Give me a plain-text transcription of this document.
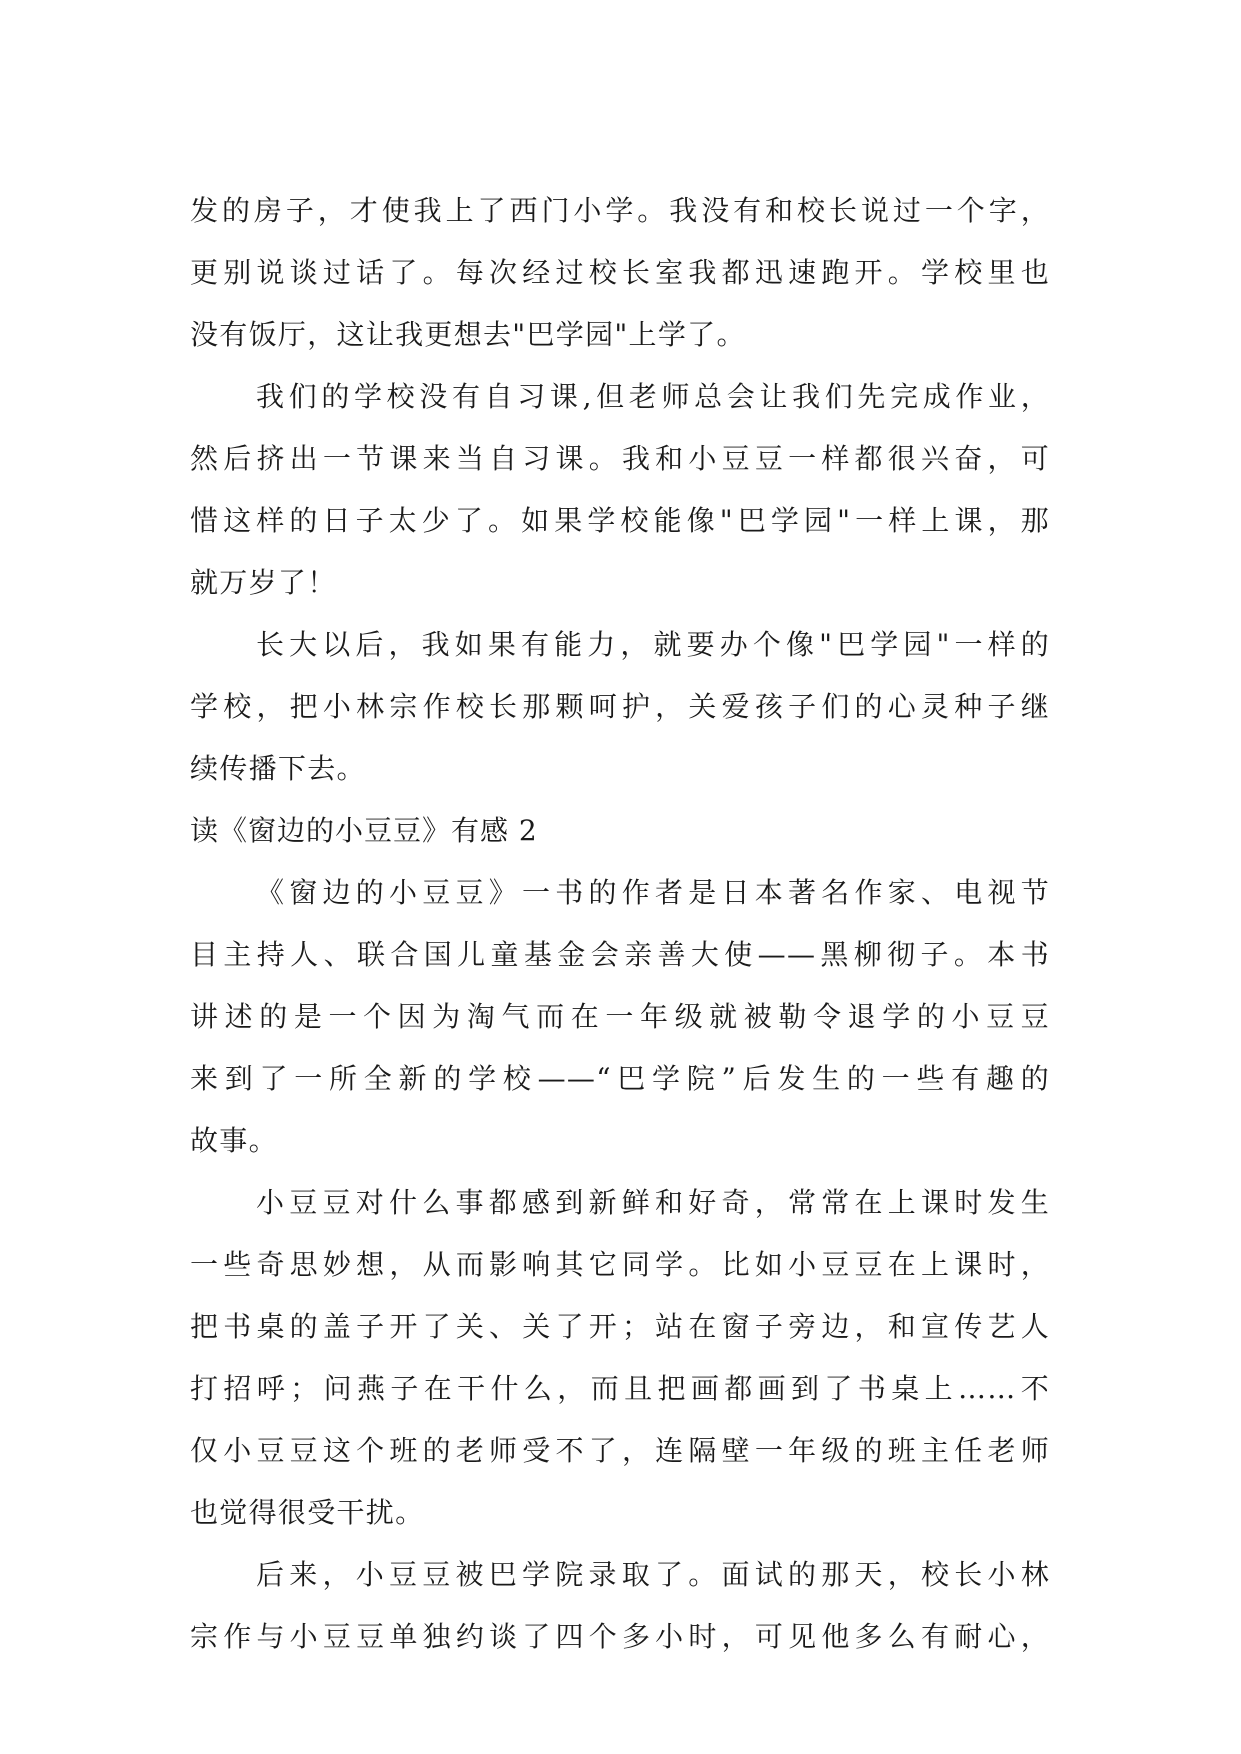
发的房子，才使我上了西门小学。我没有和校长说过一个字，
更别说谈过话了。每次经过校长室我都迅速跑开。学校里也
没有饭厅，这让我更想去"巴学园"上学了。
我们的学校没有自习课,但老师总会让我们先完成作业，
然后挤出一节课来当自习课。我和小豆豆一样都很兴奋，可
惜这样的日子太少了。如果学校能像"巴学园"一样上课，那
就万岁了！
长大以后，我如果有能力，就要办个像"巴学园"一样的
学校，把小林宗作校长那颗呵护，关爱孩子们的心灵种子继
续传播下去。
读《窗边的小豆豆》有感 2
《窗边的小豆豆》一书的作者是日本著名作家、电视节
目主持人、联合国儿童基金会亲善大使——黑柳彻子。本书
讲述的是一个因为淘气而在一年级就被勒令退学的小豆豆
来到了一所全新的学校——“巴学院”后发生的一些有趣的
故事。
小豆豆对什么事都感到新鲜和好奇，常常在上课时发生
一些奇思妙想，从而影响其它同学。比如小豆豆在上课时，
把书桌的盖子开了关、关了开；站在窗子旁边，和宣传艺人
打招呼；问燕子在干什么，而且把画都画到了书桌上……不
仅小豆豆这个班的老师受不了，连隔壁一年级的班主任老师
也觉得很受干扰。
后来，小豆豆被巴学院录取了。面试的那天，校长小林
宗作与小豆豆单独约谈了四个多小时，可见他多么有耐心，
